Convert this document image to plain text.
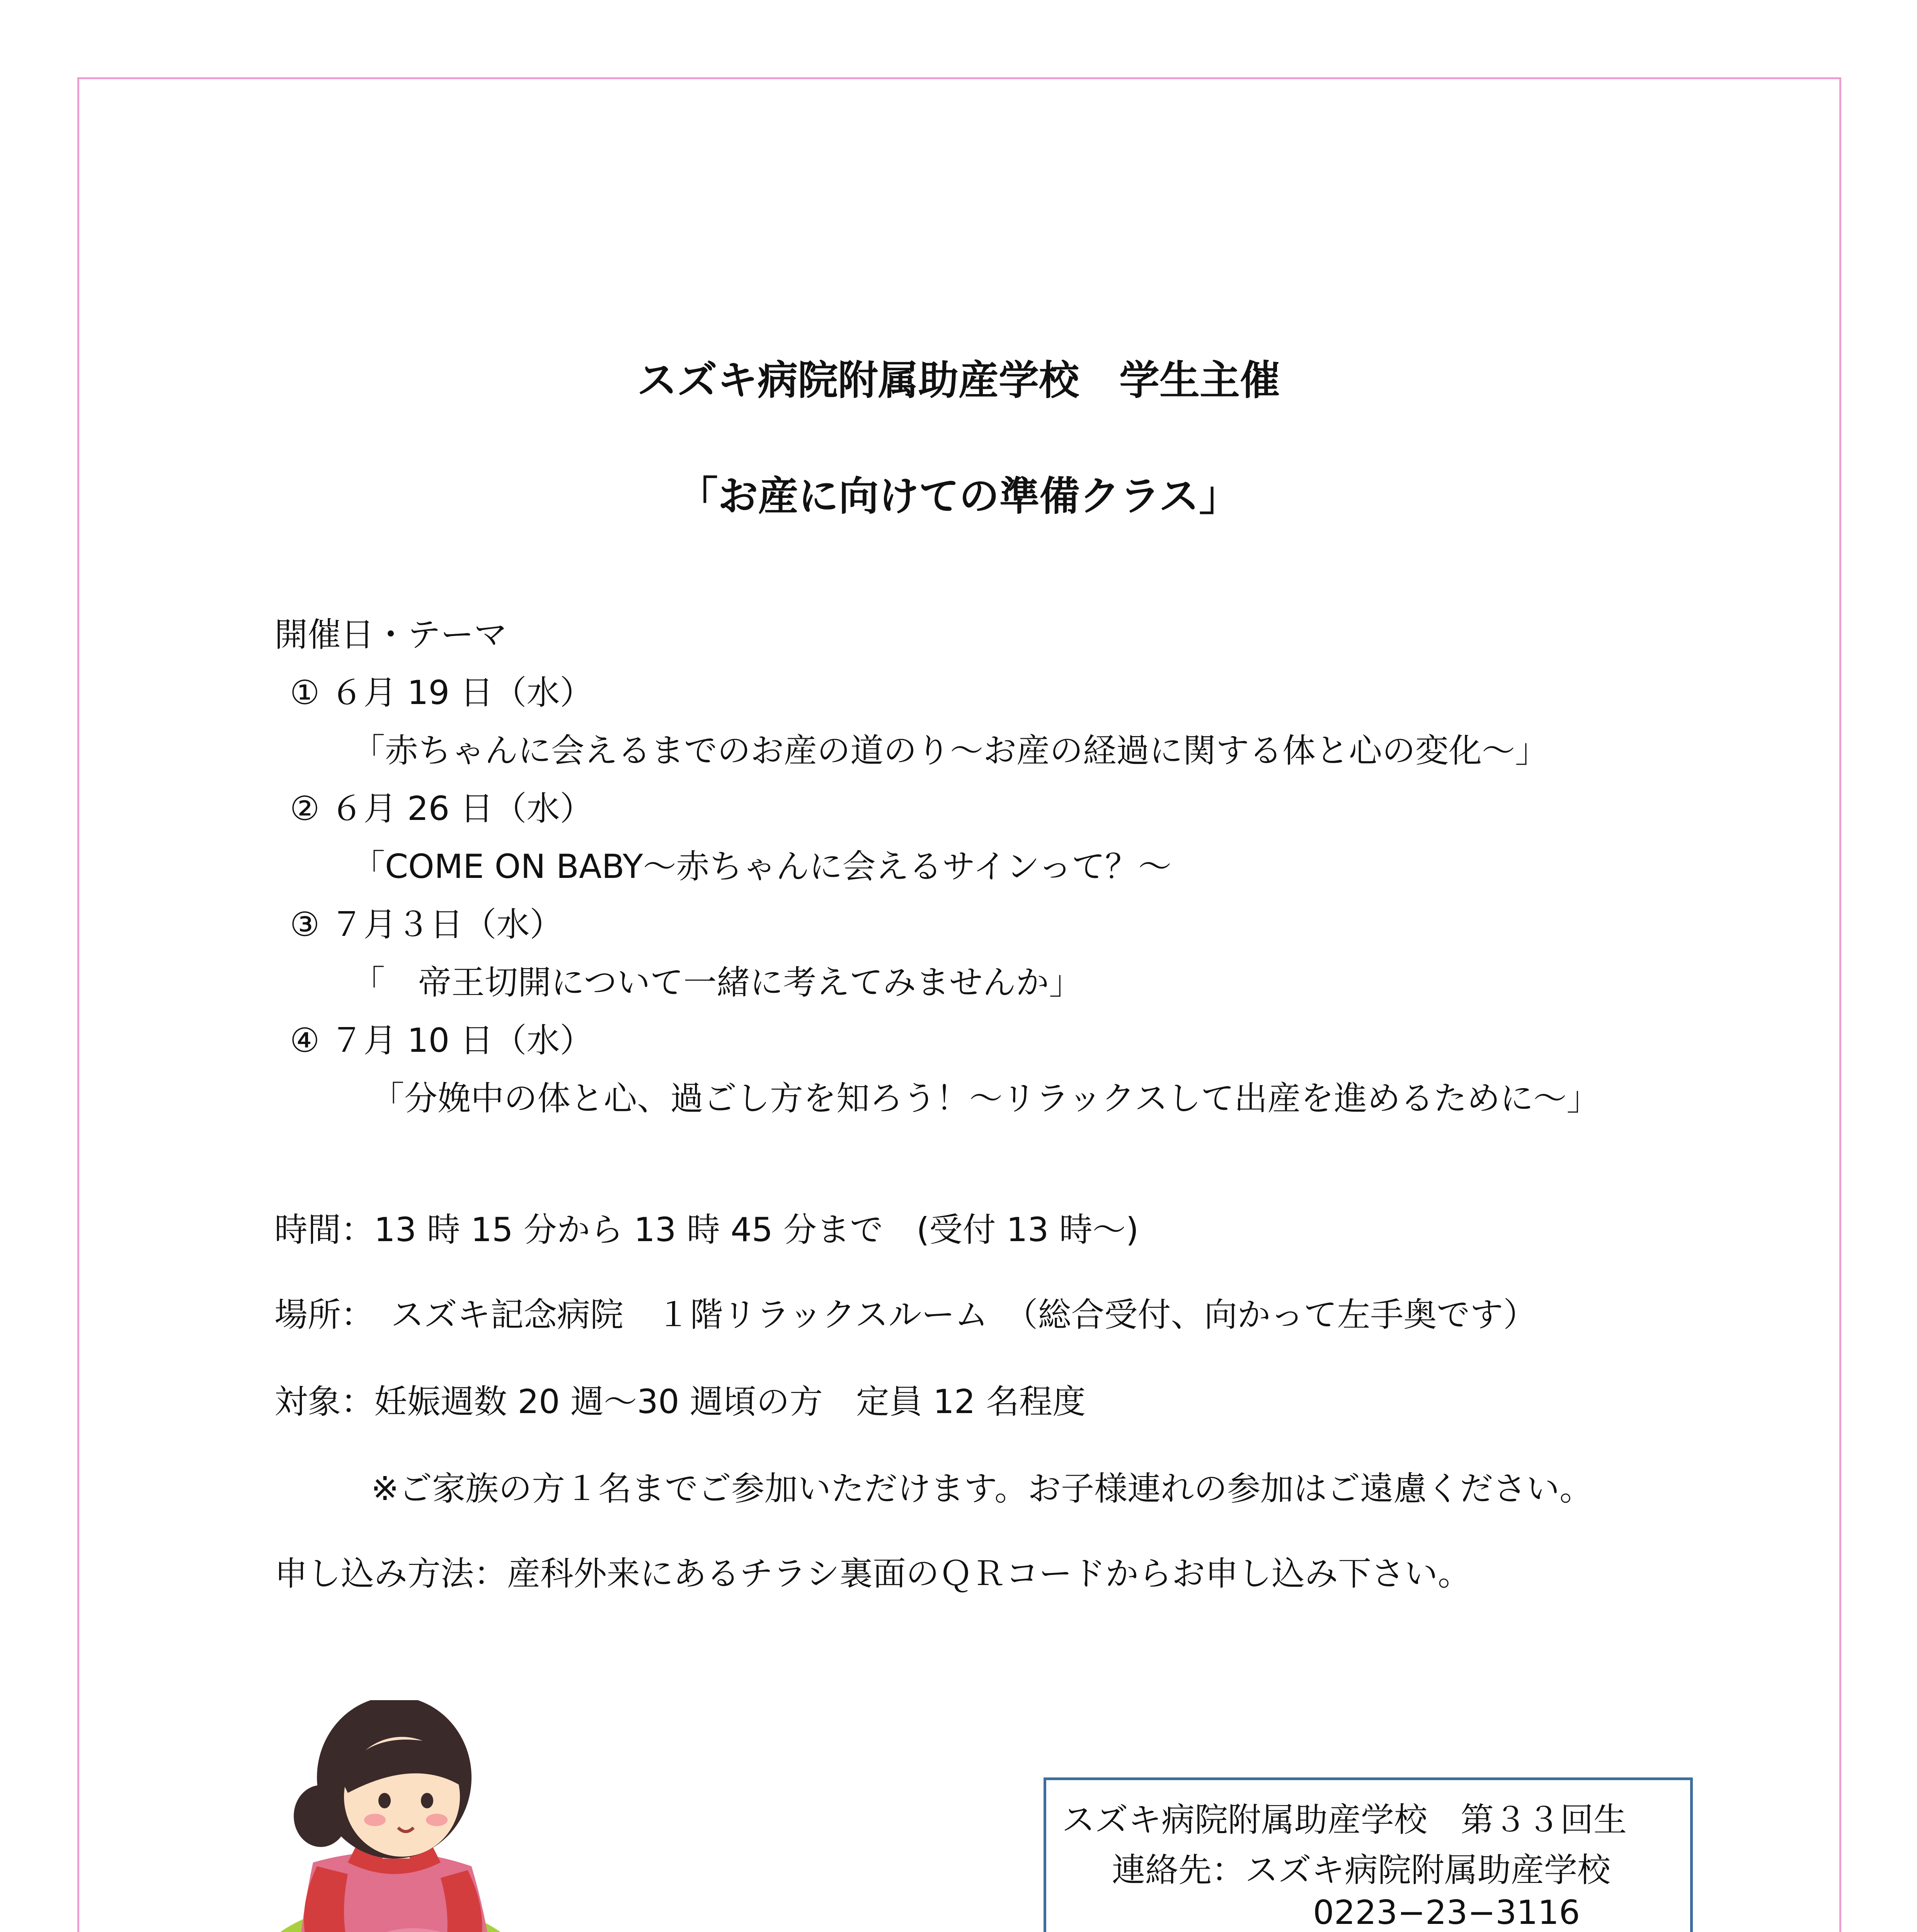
スズキ病院附属助産学校　学生主催
「お産に向けての準備クラス」
開催日・テーマ
① ６月 19 日（水）
「赤ちゃんに会えるまでのお産の道のり～お産の経過に関する体と心の変化～」
② ６月 26 日（水）
「COME ON BABY～赤ちゃんに会えるサインって？～
③ ７月３日（水）
「　帝王切開について一緒に考えてみませんか」
④ ７月 10 日（水）
「分娩中の体と心、過ごし方を知ろう！～リラックスして出産を進めるために～」
時間：13 時 15 分から 13 時 45 分まで　(受付 13 時～)
場所：　スズキ記念病院　１階リラックスルーム　（総合受付、向かって左手奥です）
対象：妊娠週数 20 週～30 週頃の方　定員 12 名程度
※ご家族の方１名までご参加いただけます。お子様連れの参加はご遠慮ください。
申し込み方法：産科外来にあるチラシ裏面のＱＲコードからお申し込み下さい。
スズキ病院附属助産学校　第３３回生
連絡先：スズキ病院附属助産学校
0223−23−3116
